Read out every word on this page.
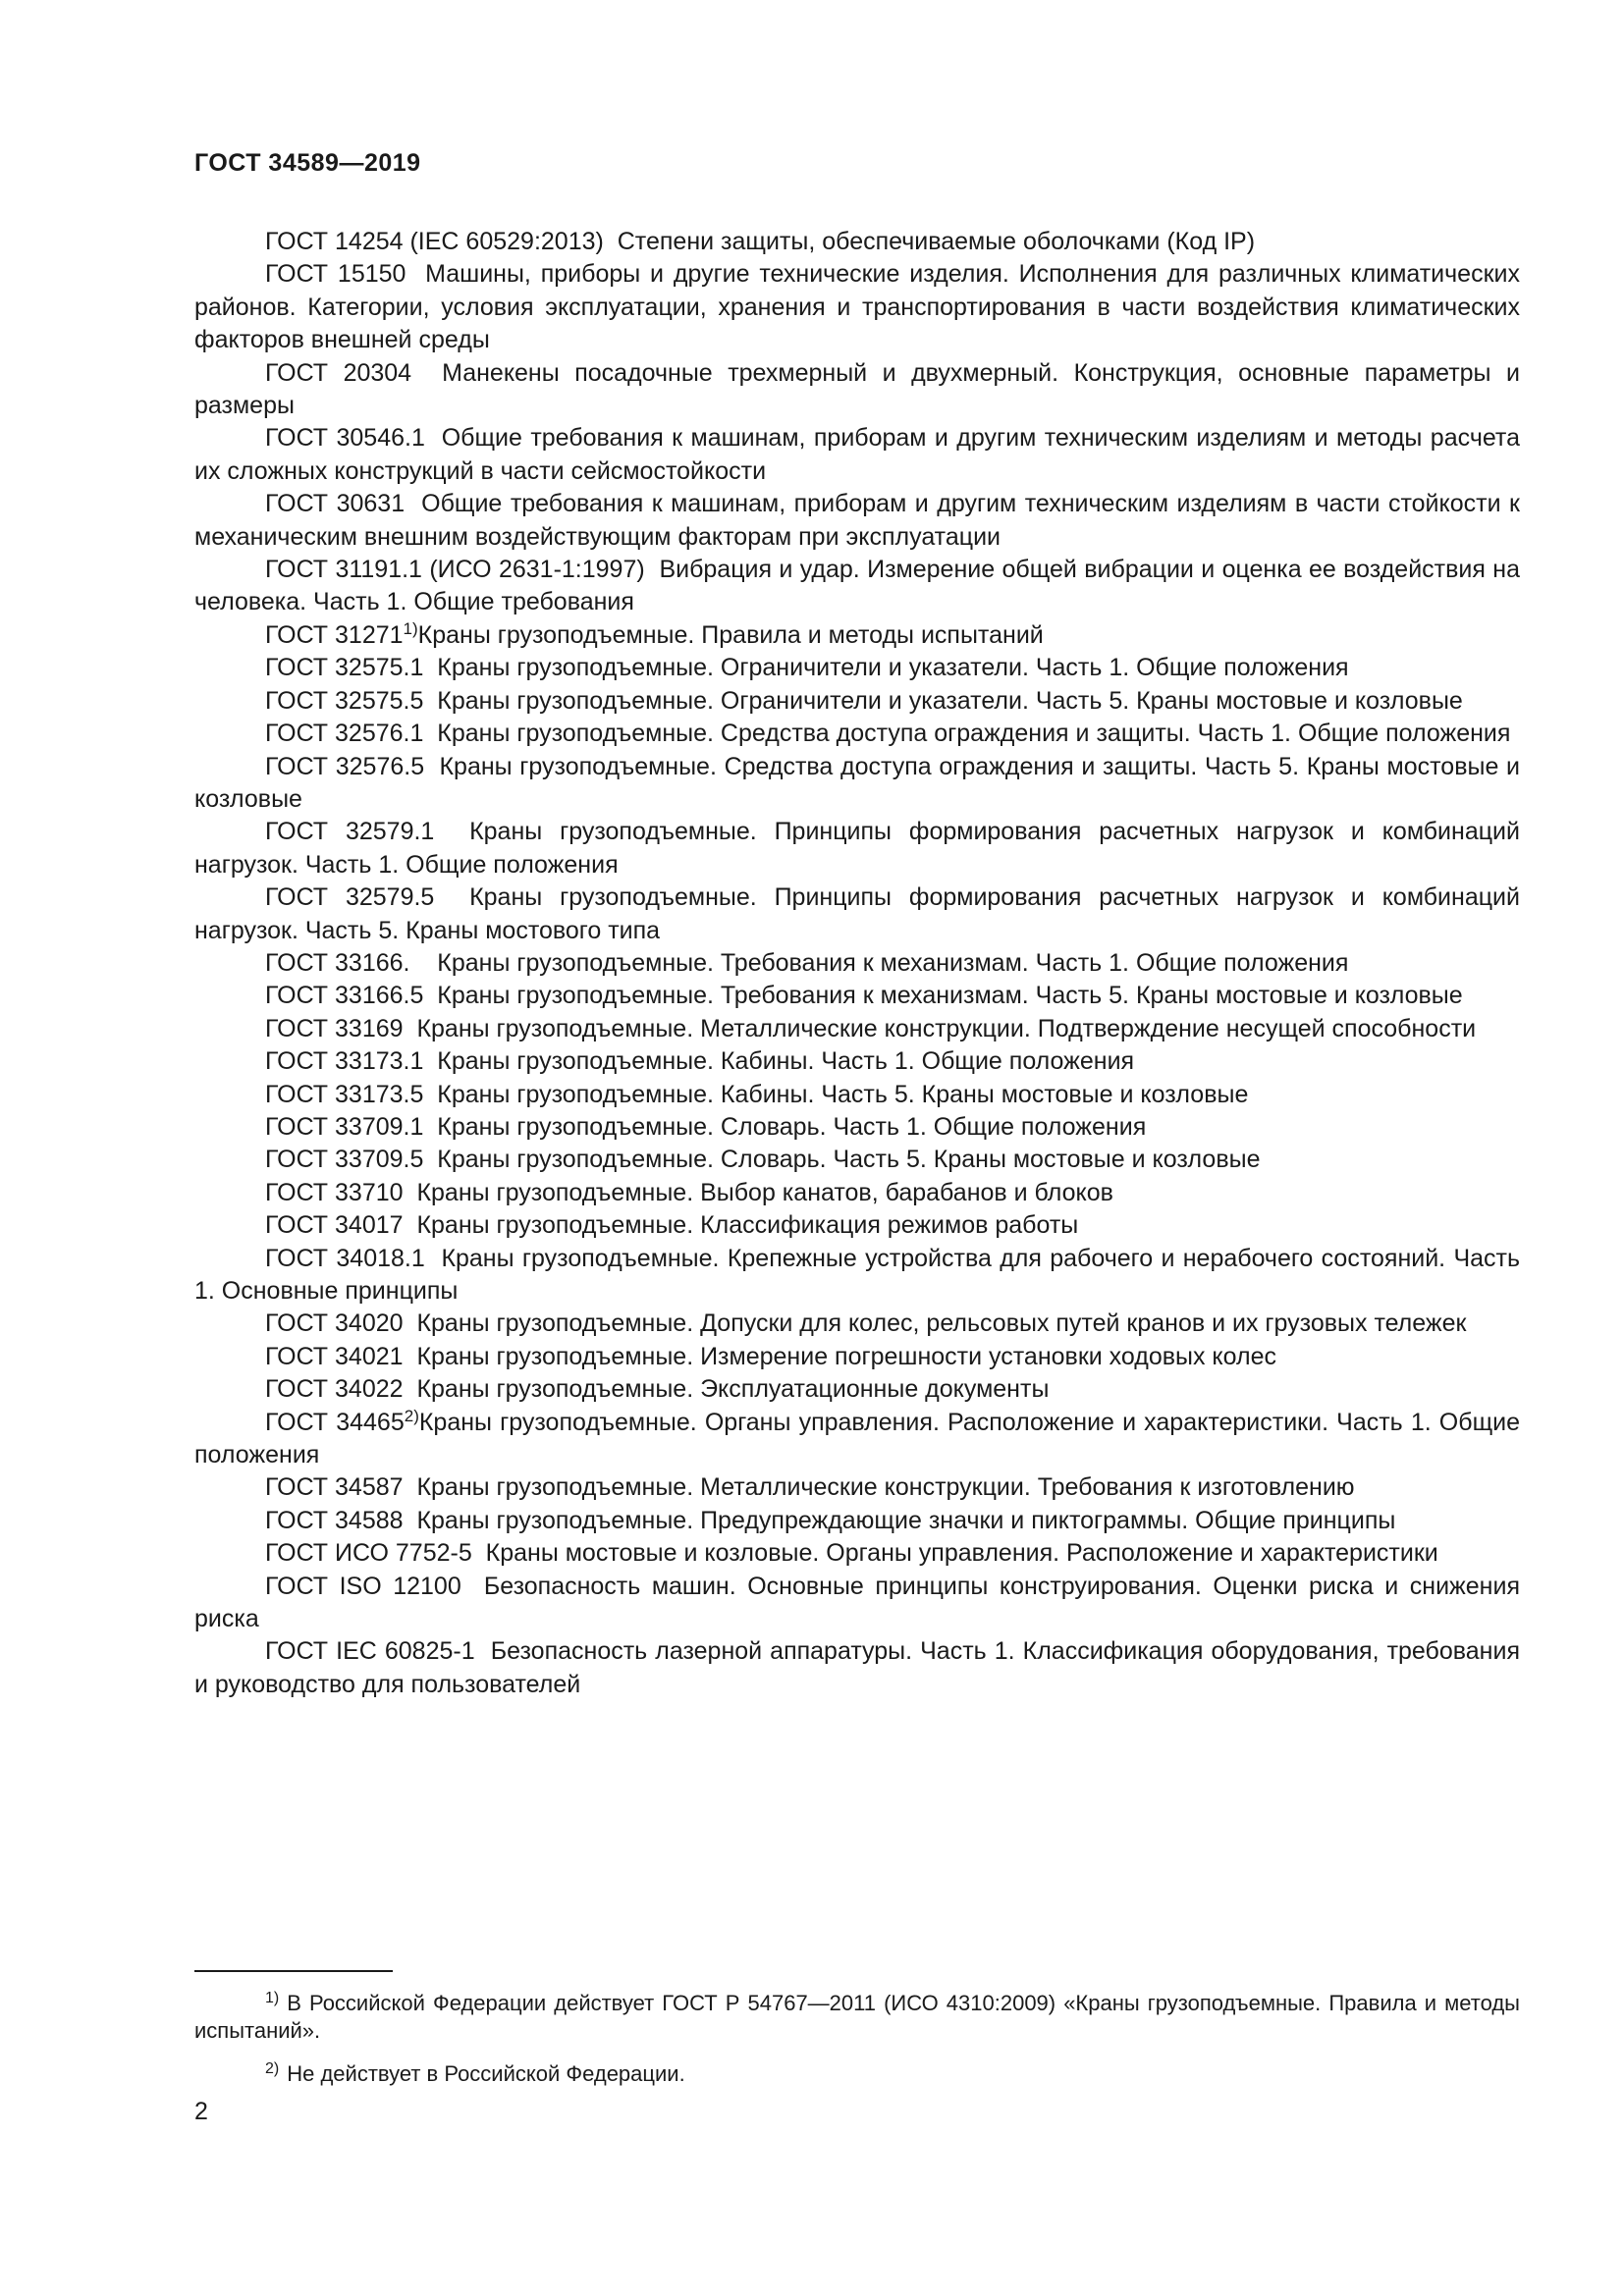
ГОСТ 34589—2019

ГОСТ 14254 (IEC 60529:2013) Степени защиты, обеспечиваемые оболочками (Код IP)

ГОСТ 15150 Машины, приборы и другие технические изделия. Исполнения для различных климатических районов. Категории, условия эксплуатации, хранения и транспортирования в части воздействия климатических факторов внешней среды

ГОСТ 20304 Манекены посадочные трехмерный и двухмерный. Конструкция, основные параметры и размеры

ГОСТ 30546.1 Общие требования к машинам, приборам и другим техническим изделиям и методы расчета их сложных конструкций в части сейсмостойкости

ГОСТ 30631 Общие требования к машинам, приборам и другим техническим изделиям в части стойкости к механическим внешним воздействующим факторам при эксплуатации

ГОСТ 31191.1 (ИСО 2631-1:1997) Вибрация и удар. Измерение общей вибрации и оценка ее воздействия на человека. Часть 1. Общие требования

ГОСТ 31271$^{1)}$Краны грузоподъемные. Правила и методы испытаний

ГОСТ 32575.1 Краны грузоподъемные. Ограничители и указатели. Часть 1. Общие положения

ГОСТ 32575.5 Краны грузоподъемные. Ограничители и указатели. Часть 5. Краны мостовые и козловые

ГОСТ 32576.1 Краны грузоподъемные. Средства доступа ограждения и защиты. Часть 1. Общие положения

ГОСТ 32576.5 Краны грузоподъемные. Средства доступа ограждения и защиты. Часть 5. Краны мостовые и козловые

ГОСТ 32579.1 Краны грузоподъемные. Принципы формирования расчетных нагрузок и комбинаций нагрузок. Часть 1. Общие положения

ГОСТ 32579.5 Краны грузоподъемные. Принципы формирования расчетных нагрузок и комбинаций нагрузок. Часть 5. Краны мостового типа

ГОСТ 33166.  Краны грузоподъемные. Требования к механизмам. Часть 1. Общие положения

ГОСТ 33166.5 Краны грузоподъемные. Требования к механизмам. Часть 5. Краны мостовые и козловые

ГОСТ 33169 Краны грузоподъемные. Металлические конструкции. Подтверждение несущей способности

ГОСТ 33173.1 Краны грузоподъемные. Кабины. Часть 1. Общие положения

ГОСТ 33173.5 Краны грузоподъемные. Кабины. Часть 5. Краны мостовые и козловые

ГОСТ 33709.1 Краны грузоподъемные. Словарь. Часть 1. Общие положения

ГОСТ 33709.5 Краны грузоподъемные. Словарь. Часть 5. Краны мостовые и козловые

ГОСТ 33710 Краны грузоподъемные. Выбор канатов, барабанов и блоков

ГОСТ 34017 Краны грузоподъемные. Классификация режимов работы

ГОСТ 34018.1 Краны грузоподъемные. Крепежные устройства для рабочего и нерабочего состояний. Часть 1. Основные принципы

ГОСТ 34020 Краны грузоподъемные. Допуски для колес, рельсовых путей кранов и их грузовых тележек

ГОСТ 34021 Краны грузоподъемные. Измерение погрешности установки ходовых колес

ГОСТ 34022 Краны грузоподъемные. Эксплуатационные документы

ГОСТ 34465$^{2)}$Краны грузоподъемные. Органы управления. Расположение и характеристики. Часть 1. Общие положения

ГОСТ 34587 Краны грузоподъемные. Металлические конструкции. Требования к изготовлению

ГОСТ 34588 Краны грузоподъемные. Предупреждающие значки и пиктограммы. Общие принципы

ГОСТ ИСО 7752-5 Краны мостовые и козловые. Органы управления. Расположение и характеристики

ГОСТ ISO 12100 Безопасность машин. Основные принципы конструирования. Оценки риска и снижения риска

ГОСТ IEC 60825-1 Безопасность лазерной аппаратуры. Часть 1. Классификация оборудования, требования и руководство для пользователей

$^{1)}$ В Российской Федерации действует ГОСТ Р 54767—2011 (ИСО 4310:2009) «Краны грузоподъемные. Правила и методы испытаний».

$^{2)}$ Не действует в Российской Федерации.

2
